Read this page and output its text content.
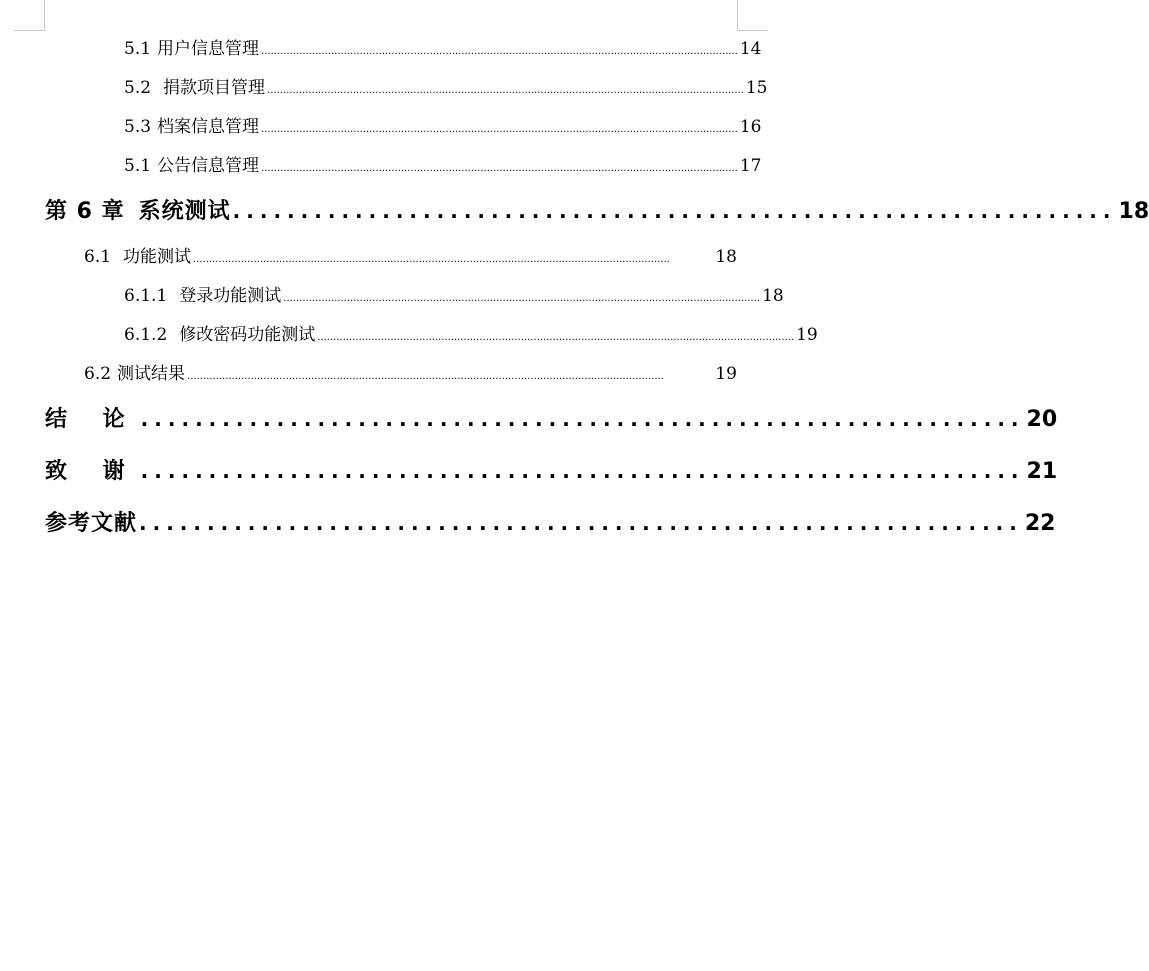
5.1 用户信息管理 ...................................................................................................................................................... 14
5.2 捐款项目管理 ...................................................................................................................................................... 15
5.3 档案信息管理 ...................................................................................................................................................... 16
5.1 公告信息管理 ...................................................................................................................................................... 17
第 6 章 系统测试 ................................................................. 18
6.1 功能测试 ......................................................................................................................................................	18
6.1.1 登录功能测试 ...................................................................................................................................................... 18
6.1.2 修改密码功能测试 ...................................................................................................................................................... 19
6.2 测试结果 ......................................................................................................................................................	19
结 论 ................................................................. 20
致 谢 ................................................................. 21
参考文献 ................................................................. 22
